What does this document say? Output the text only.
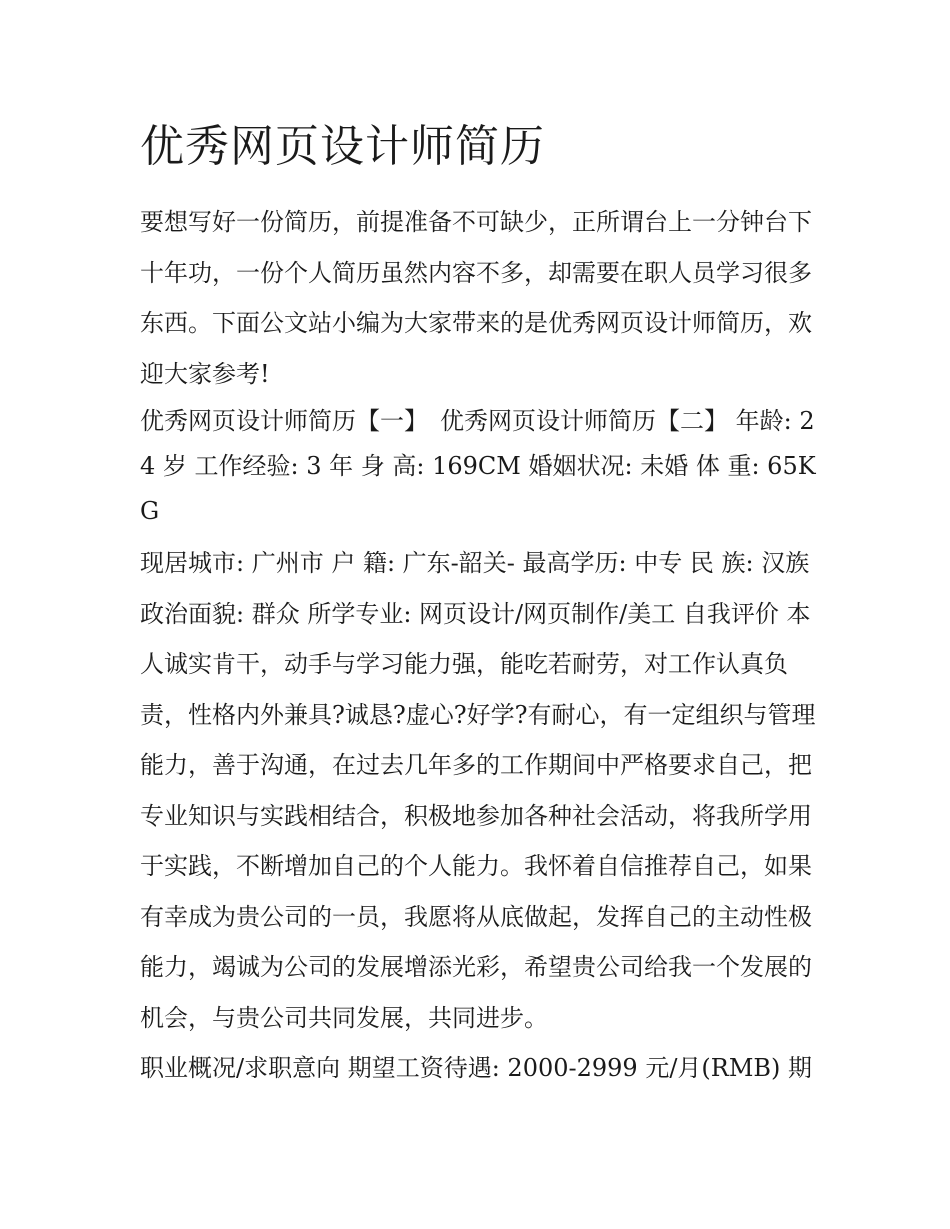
优秀网页设计师简历

要想写好一份简历，前提准备不可缺少，正所谓台上一分钟台下十年功，一份个人简历虽然内容不多，却需要在职人员学习很多东西。下面公文站小编为大家带来的是优秀网页设计师简历，欢迎大家参考!

优秀网页设计师简历【一】　优秀网页设计师简历【二】 年龄: 24 岁 工作经验: 3 年 身 高: 169CM 婚姻状况: 未婚 体 重: 65KG

现居城市: 广州市 户 籍: 广东-韶关- 最高学历: 中专 民 族: 汉族 政治面貌: 群众 所学专业: 网页设计/网页制作/美工 自我评价 本人诚实肯干，动手与学习能力强，能吃若耐劳，对工作认真负责，性格内外兼具?诚恳?虚心?好学?有耐心，有一定组织与管理能力，善于沟通，在过去几年多的工作期间中严格要求自己，把专业知识与实践相结合，积极地参加各种社会活动，将我所学用于实践，不断增加自己的个人能力。我怀着自信推荐自己，如果有幸成为贵公司的一员，我愿将从底做起，发挥自己的主动性极能力，竭诚为公司的发展增添光彩，希望贵公司给我一个发展的机会，与贵公司共同发展，共同进步。

职业概况/求职意向 期望工资待遇: 2000-2999 元/月(RMB) 期
